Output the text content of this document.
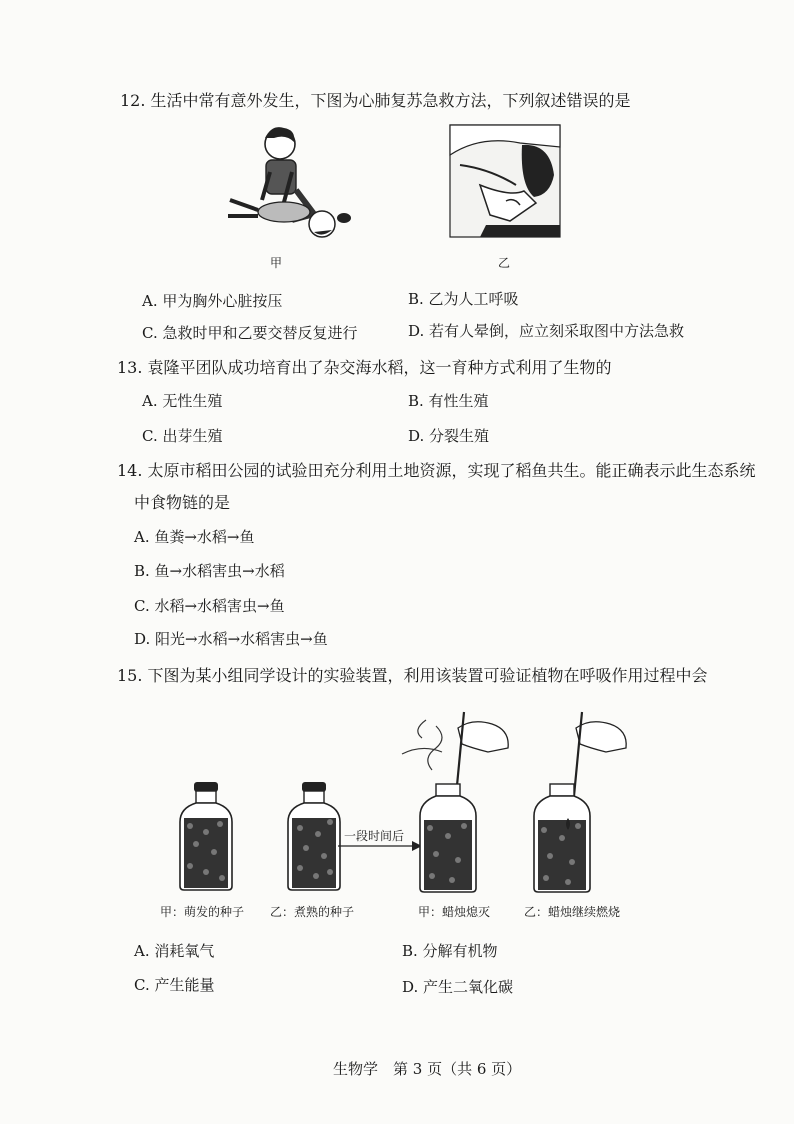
12. 生活中常有意外发生，下图为心肺复苏急救方法，下列叙述错误的是
甲	乙
A. 甲为胸外心脏按压	B. 乙为人工呼吸
C. 急救时甲和乙要交替反复进行	D. 若有人晕倒，应立刻采取图中方法急救
13. 袁隆平团队成功培育出了杂交海水稻，这一育种方式利用了生物的
A. 无性生殖	B. 有性生殖
C. 出芽生殖	D. 分裂生殖
14. 太原市稻田公园的试验田充分利用土地资源，实现了稻鱼共生。能正确表示此生态系统
中食物链的是
A. 鱼粪→水稻→鱼
B. 鱼→水稻害虫→水稻
C. 水稻→水稻害虫→鱼
D. 阳光→水稻→水稻害虫→鱼
15. 下图为某小组同学设计的实验装置，利用该装置可验证植物在呼吸作用过程中会
一段时间后
甲：萌发的种子 乙：煮熟的种子	甲：蜡烛熄灭	乙：蜡烛继续燃烧
A. 消耗氧气	B. 分解有机物
C. 产生能量	D. 产生二氧化碳
生物学　第 3 页（共 6 页）
